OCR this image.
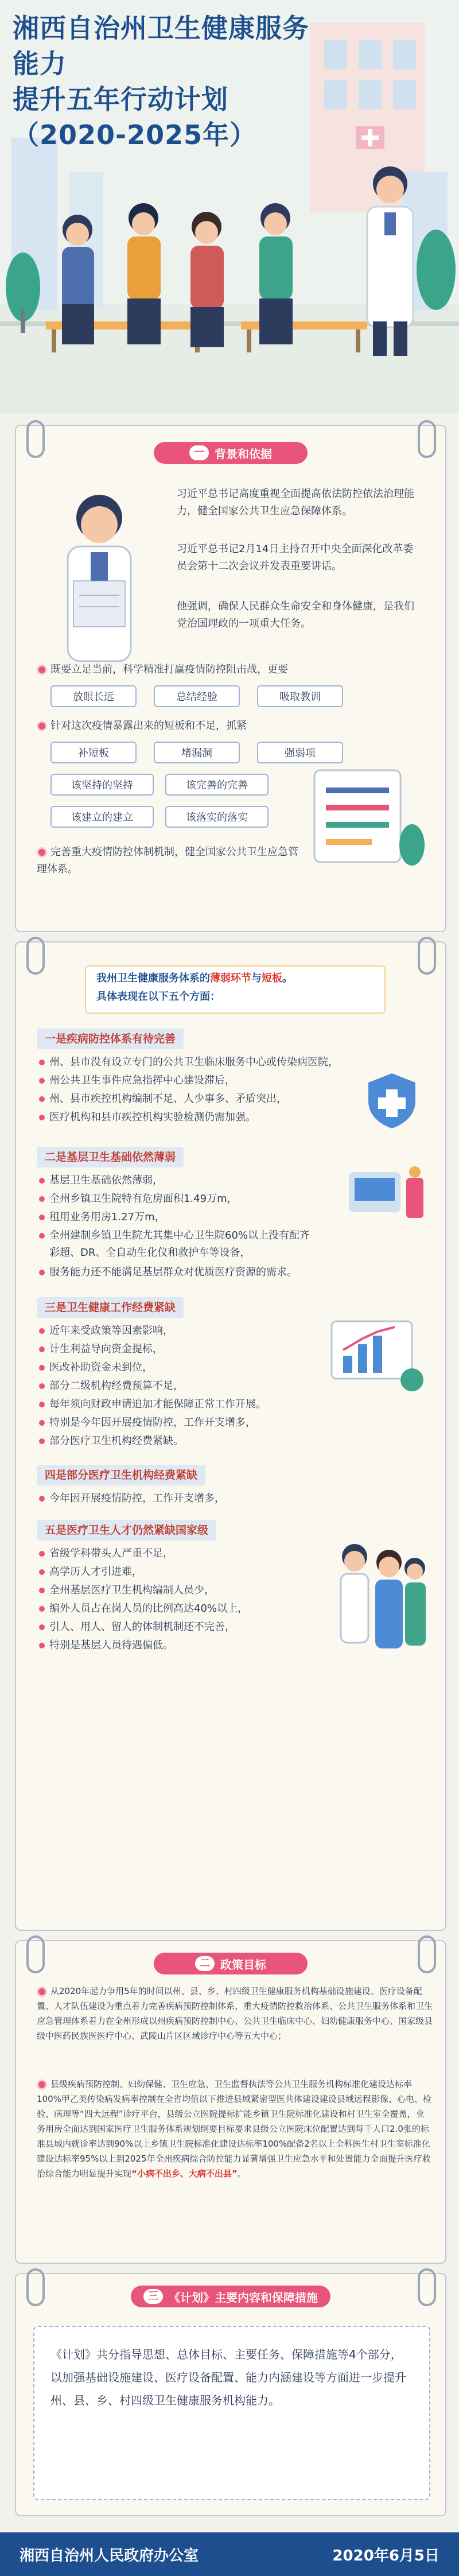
湘西自治州卫生健康服务能力
提升五年行动计划
（2020-2025年）
一 背景和依据
习近平总书记高度重视全面提高依法防控依法治理能力，健全国家公共卫生应急保障体系。
习近平总书记2月14日主持召开中央全面深化改革委员会第十二次会议并发表重要讲话。
他强调，确保人民群众生命安全和身体健康，是我们党治国理政的一项重大任务。
既要立足当前，科学精准打赢疫情防控阻击战，更要
放眼长远	总结经验	吸取教训
针对这次疫情暴露出来的短板和不足，抓紧
补短板	堵漏洞	强弱项
该坚持的坚持	该完善的完善
该建立的建立	该落实的落实
完善重大疫情防控体制机制，健全国家公共卫生应急管理体系。
我州卫生健康服务体系的薄弱环节与短板。
具体表现在以下五个方面：
一是疾病防控体系有待完善
州、县市没有设立专门的公共卫生临床服务中心或传染病医院，
州公共卫生事件应急指挥中心建设滞后，
州、县市疾控机构编制不足、人少事多、矛盾突出，
医疗机构和县市疾控机构实验检测仍需加强。
二是基层卫生基础依然薄弱
基层卫生基础依然薄弱，
全州乡镇卫生院特有危房面积1.49万m，
租用业务用房1.27万m，
全州建制乡镇卫生院尤其集中心卫生院60%以上没有配齐
彩超、DR、全自动生化仪和救护车等设备，
服务能力还不能满足基层群众对优质医疗资源的需求。
三是卫生健康工作经费紧缺
近年来受政策等因素影响，
计生利益导向资金提标，
医改补助资金未到位，
部分二级机构经费预算不足，
每年须向财政申请追加才能保障正常工作开展。
特别是今年因开展疫情防控，工作开支增多，
部分医疗卫生机构经费紧缺。
四是部分医疗卫生机构经费紧缺
今年因开展疫情防控，工作开支增多，
五是医疗卫生人才仍然紧缺国家级
省级学科带头人严重不足，
高学历人才引进难，
全州基层医疗卫生机构编制人员少，
编外人员占在岗人员的比例高达40%以上，
引人、用人、留人的体制机制还不完善，
特别是基层人员待遇偏低。
二 政策目标
从2020年起力争用5年的时间以州、县、乡、村四级卫生健康服务机构基础设施建设、医疗设备配置、人才队伍建设为重点着力完善疾病预防控制体系、重大疫情防控救治体系、公共卫生服务体系和卫生应急管理体系着力在全州形成以州疾病预防控制中心、公共卫生临床中心、妇幼健康服务中心、国家级县级中医药民族医医疗中心、武陵山片区区域诊疗中心等五大中心；
县级疾病预防控制、妇幼保健、卫生应急、卫生监督执法等公共卫生服务机构标准化建设达标率100%甲乙类传染病发病率控制在全省均值以下推进县域紧密型医共体建设建设县域远程影像、心电、检验、病理等“四大远程”诊疗平台，县级公立医院提标扩能乡镇卫生院标准化建设和村卫生室全覆盖，业务用房全面达到国家医疗卫生服务体系规划纲要目标要求县级公立医院床位配置达到每千人口2.0张的标准县域内就诊率达到90%以上乡镇卫生院标准化建设达标率100%配备2名以上全科医生村卫生室标准化建设达标率95%以上到2025年全州疾病综合防控能力显著增强卫生应急水平和处置能力全面提升医疗救治综合能力明显提升实现“小病不出乡、大病不出县”。
三 《计划》主要内容和保障措施
《计划》共分指导思想、总体目标、主要任务、保障措施等4个部分，以加强基础设施建设、医疗设备配置、能力内涵建设等方面进一步提升州、县、乡、村四级卫生健康服务机构能力。
湘西自治州人民政府办公室	2020年6月5日
